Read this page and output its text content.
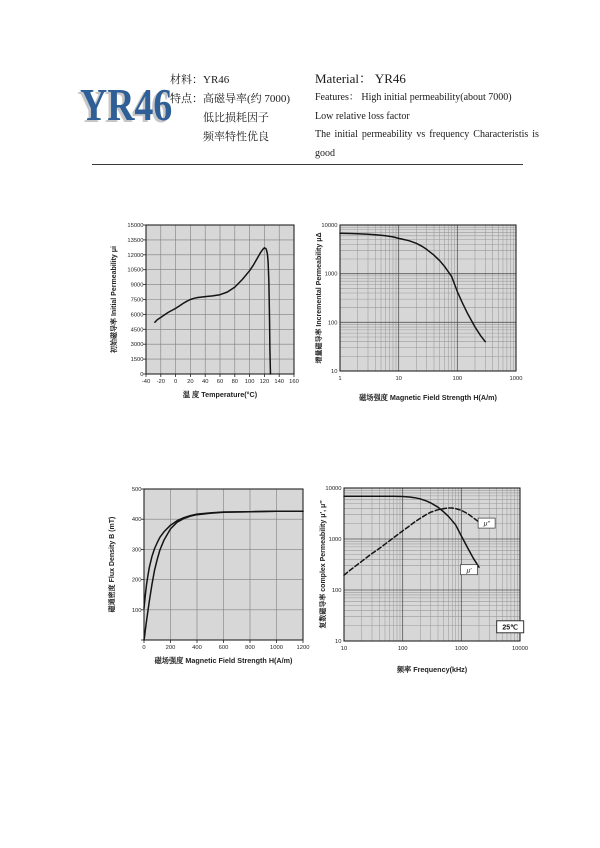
YR46
材料： YR46
特点： 高磁导率(约 7000)
低比损耗因子
频率特性优良
Material： YR46
Features： High initial permeability(about 7000)
Low relative loss factor
The initial permeability vs frequency Characteristis is
good
-40 -20 0 20 40 60 80 100 120 140 160
0
1500
3000
4500
6000
7500
9000
10500
12000
13500
15000
温 度 Temperature(°C)
初始磁导率 Initial Permeability μi
1	10	100	1000
10
100
1000
10000
磁场强度 Magnetic Field Strength H(A/m)
增量磁导率 Incremental Permeability μΔ
0	200	400	600	800	1000 1200
100
200
300
400
500
磁场强度 Magnetic Field Strength H(A/m)
磁通密度 Flux Density B (mT)
10	100	1000	10000
10
100
1000
10000
μ″
μ′
25℃
频率 Frequency(kHz)
复数磁导率 complex Permeability μ′, μ″
